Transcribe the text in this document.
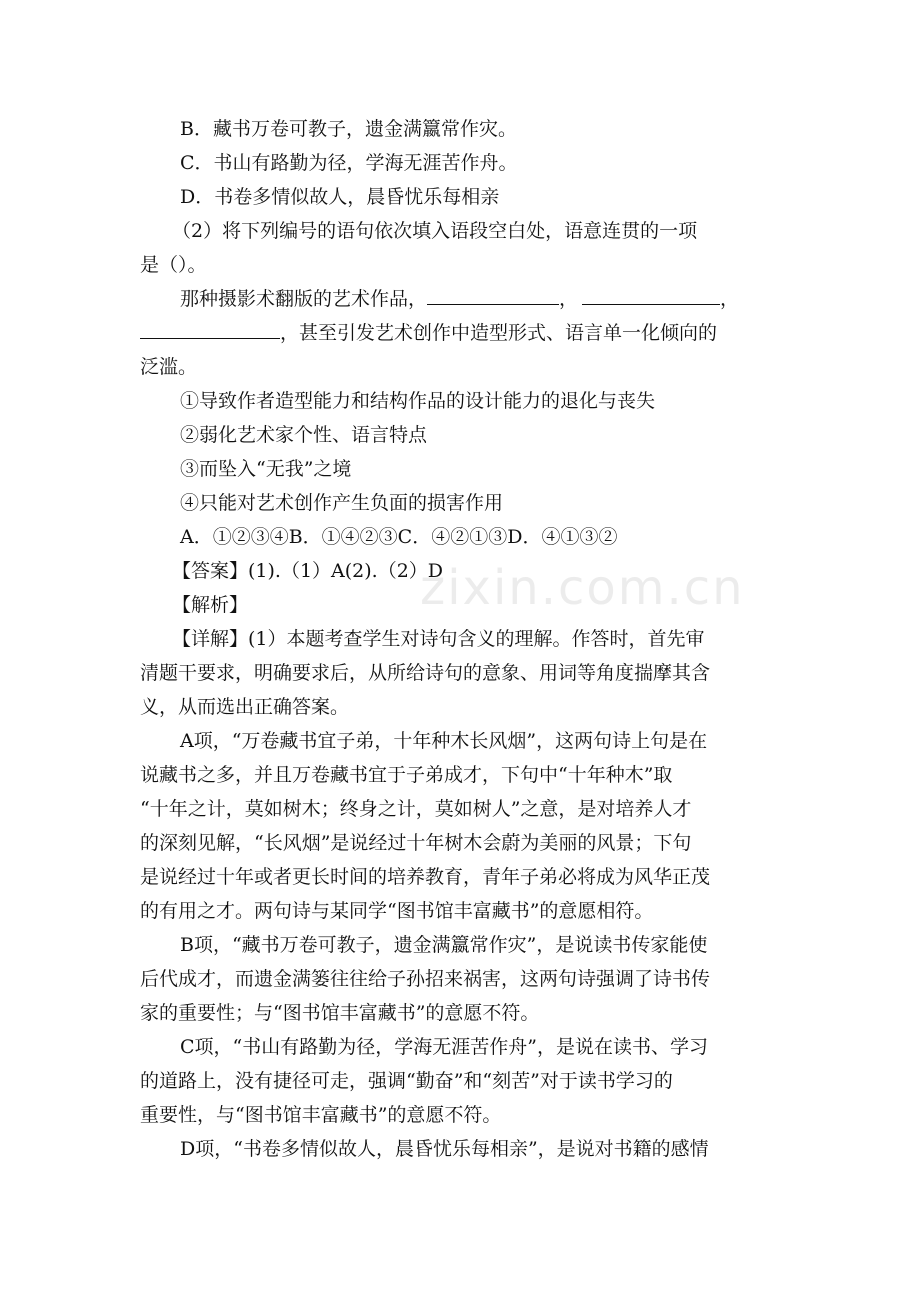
B．藏书万卷可教子，遗金满籝常作灾。
C．书山有路勤为径，学海无涯苦作舟。
D．书卷多情似故人，晨昏忧乐每相亲
（2）将下列编号的语句依次填入语段空白处，语意连贯的一项
是（）。
那种摄影术翻版的艺术作品，	，	，
，甚至引发艺术创作中造型形式、语言单一化倾向的
泛滥。
①导致作者造型能力和结构作品的设计能力的退化与丧失
②弱化艺术家个性、语言特点
③而坠入“无我”之境
④只能对艺术创作产生负面的损害作用
A．①②③④B．①④②③C．④②①③D．④①③②
【答案】(1).（1）A(2).（2）D
【解析】
【详解】(1）本题考查学生对诗句含义的理解。作答时，首先审
清题干要求，明确要求后，从所给诗句的意象、用词等角度揣摩其含
义，从而选出正确答案。
A项，“万卷藏书宜子弟，十年种木长风烟”，这两句诗上句是在
说藏书之多，并且万卷藏书宜于子弟成才，下句中“十年种木”取
“十年之计，莫如树木；终身之计，莫如树人”之意，是对培养人才
的深刻见解，“长风烟”是说经过十年树木会蔚为美丽的风景；下句
是说经过十年或者更长时间的培养教育，青年子弟必将成为风华正茂
的有用之才。两句诗与某同学“图书馆丰富藏书”的意愿相符。
B项，“藏书万卷可教子，遗金满籝常作灾”，是说读书传家能使
后代成才，而遗金满篓往往给子孙招来祸害，这两句诗强调了诗书传
家的重要性；与“图书馆丰富藏书”的意愿不符。
C项，“书山有路勤为径，学海无涯苦作舟”，是说在读书、学习
的道路上，没有捷径可走，强调“勤奋”和“刻苦”对于读书学习的
重要性，与“图书馆丰富藏书”的意愿不符。
D项，“书卷多情似故人，晨昏忧乐每相亲”，是说对书籍的感情
zixin.com.cn
